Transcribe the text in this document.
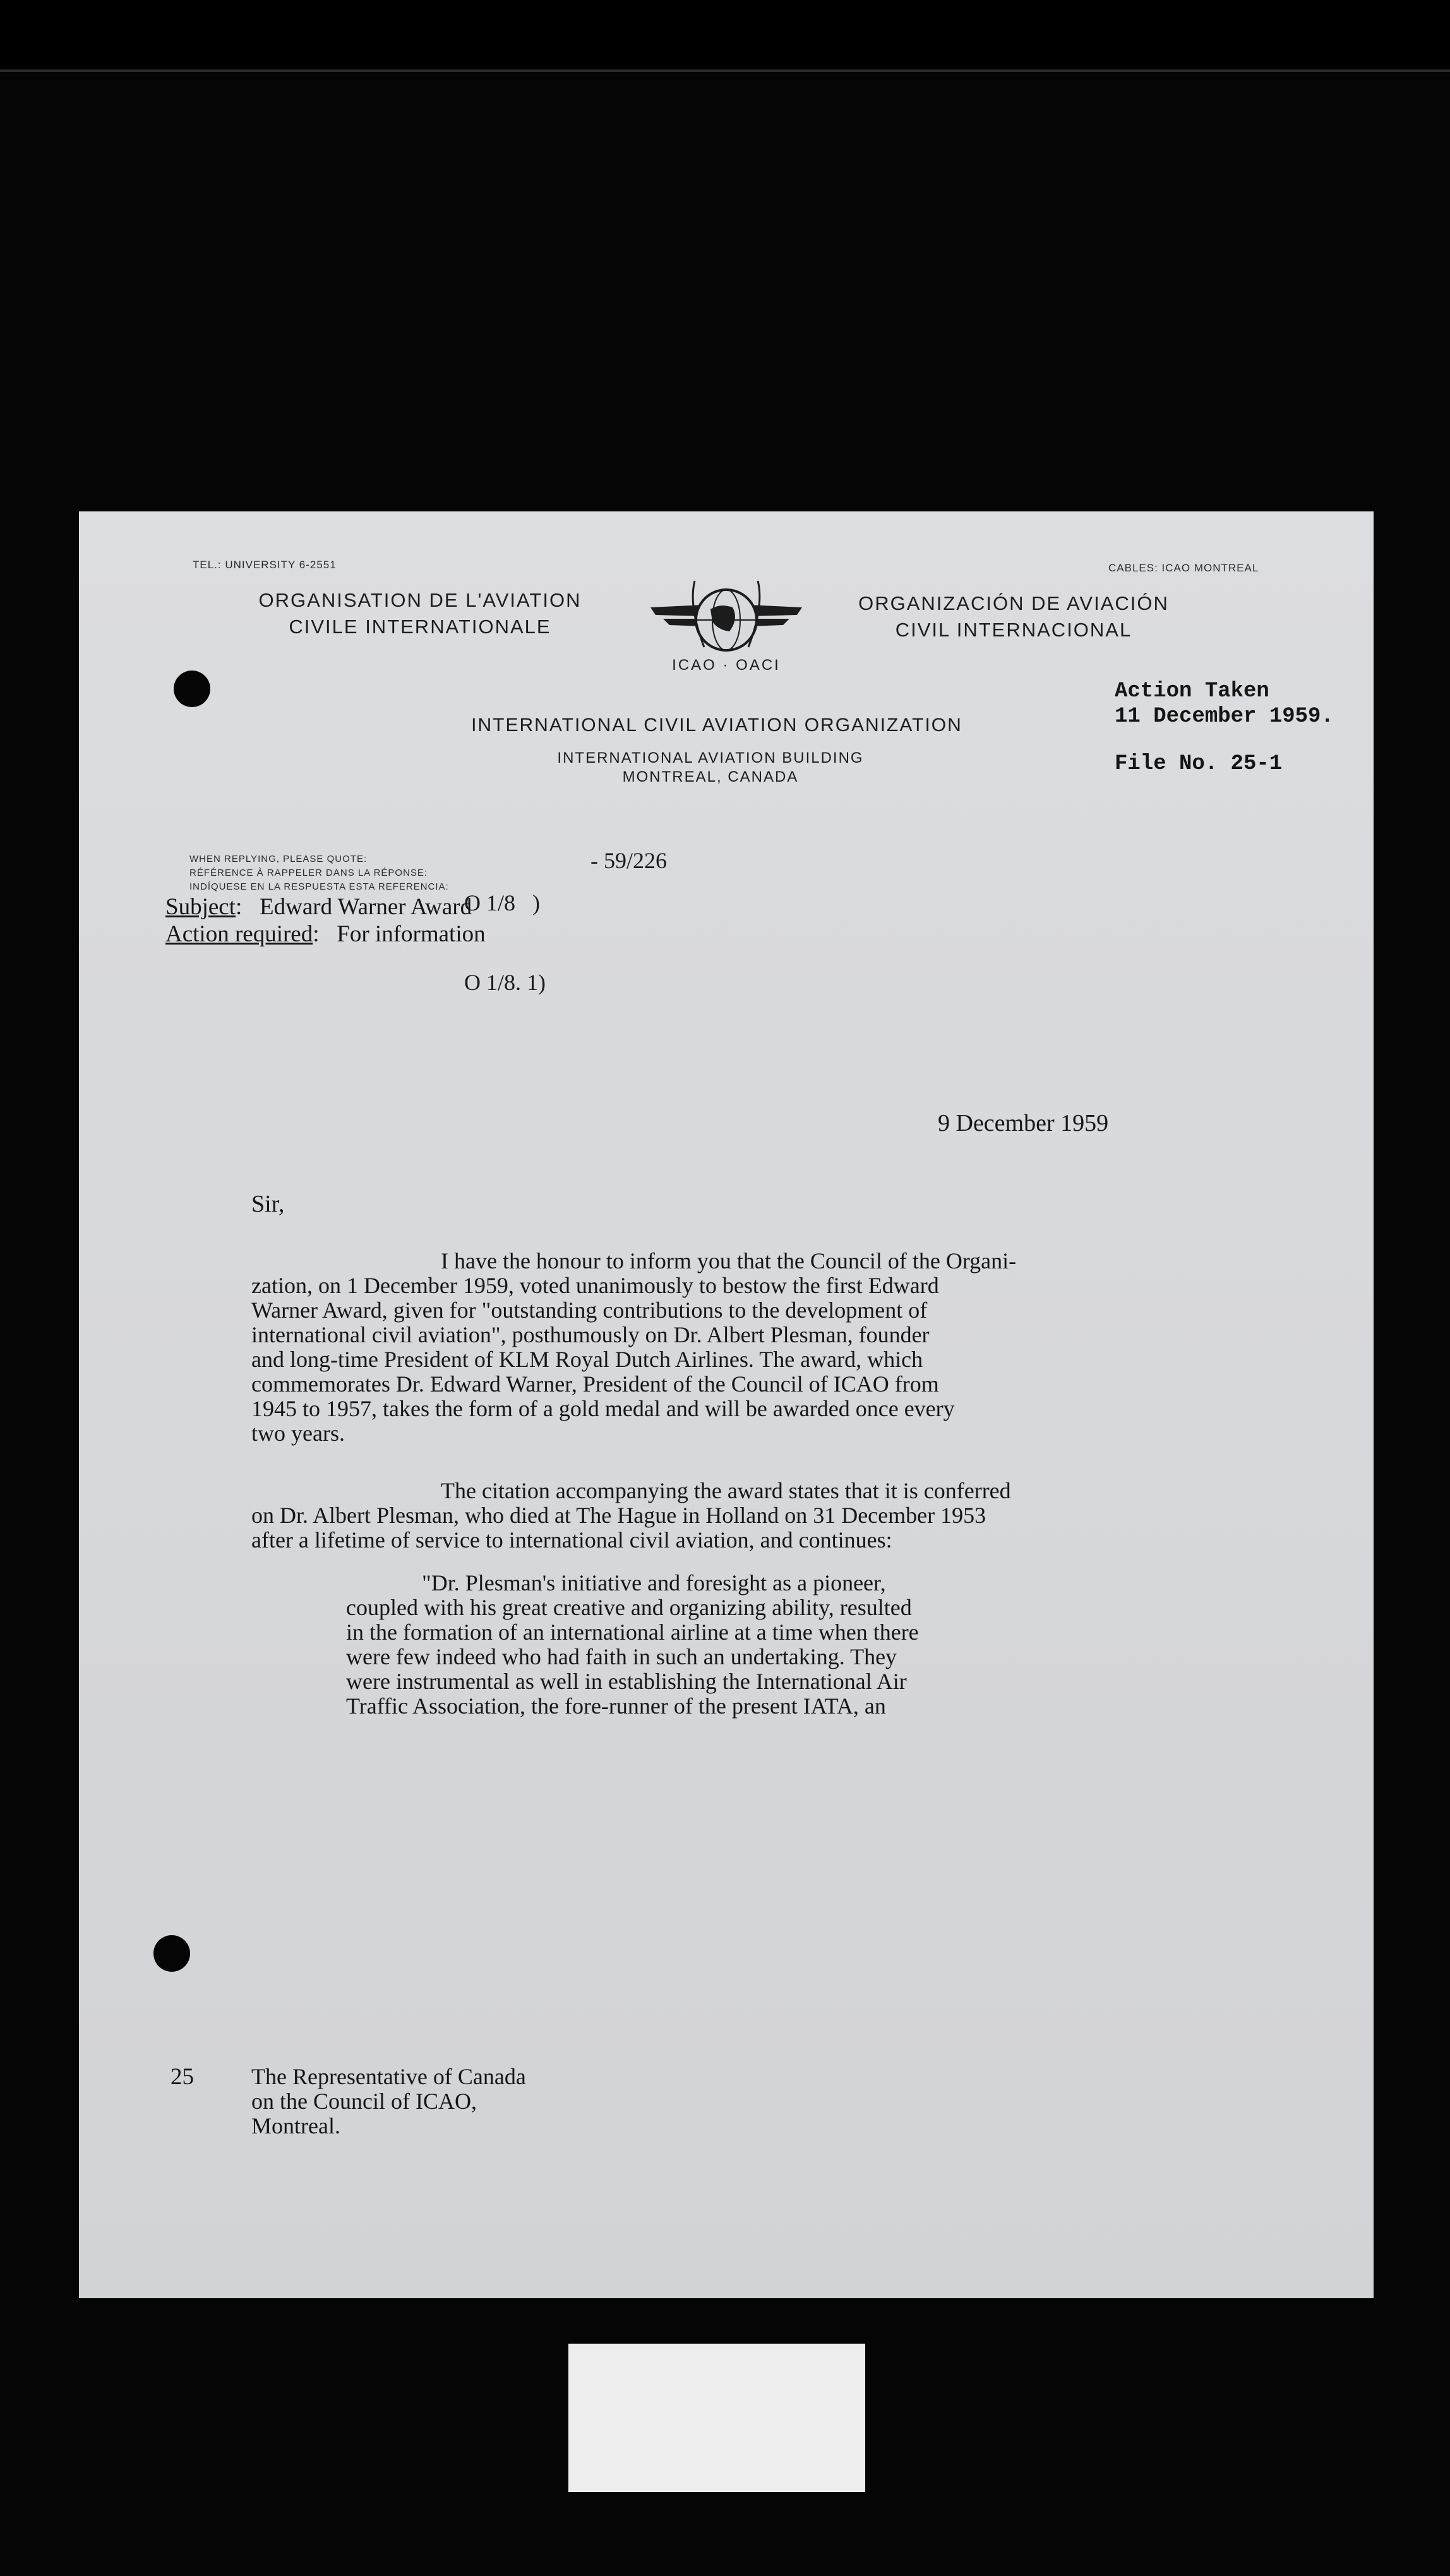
TEL.: UNIVERSITY 6-2551	CABLES: ICAO MONTREAL
ORGANISATION DE L'AVIATION
CIVILE INTERNATIONALE
ICAO · OACI
ORGANIZACIÓN DE AVIACIÓN
CIVIL INTERNACIONAL
INTERNATIONAL CIVIL AVIATION ORGANIZATION
INTERNATIONAL AVIATION BUILDING
MONTREAL, CANADA
Action Taken
11 December 1959.
File No. 25-1
WHEN REPLYING, PLEASE QUOTE:
RÉFÉRENCE À RAPPELER DANS LA RÉPONSE:
INDÍQUESE EN LA RESPUESTA ESTA REFERENCIA:

O 1/8   )

O 1/8. 1)

- 59/226
Subject:   Edward Warner Award
Action required:   For information
9 December 1959
Sir,
I have the honour to inform you that the Council of the Organi-
zation, on 1 December 1959, voted unanimously to bestow the first Edward
Warner Award, given for "outstanding contributions to the development of
international civil aviation", posthumously on Dr. Albert Plesman, founder
and long-time President of KLM Royal Dutch Airlines. The award, which
commemorates Dr. Edward Warner, President of the Council of ICAO from
1945 to 1957, takes the form of a gold medal and will be awarded once every
two years.
The citation accompanying the award states that it is conferred
on Dr. Albert Plesman, who died at The Hague in Holland on 31 December 1953
after a lifetime of service to international civil aviation, and continues:
"Dr. Plesman's initiative and foresight as a pioneer,
coupled with his great creative and organizing ability, resulted
in the formation of an international airline at a time when there
were few indeed who had faith in such an undertaking. They
were instrumental as well in establishing the International Air
Traffic Association, the fore-runner of the present IATA, an
25	The Representative of Canada
on the Council of ICAO,
Montreal.
